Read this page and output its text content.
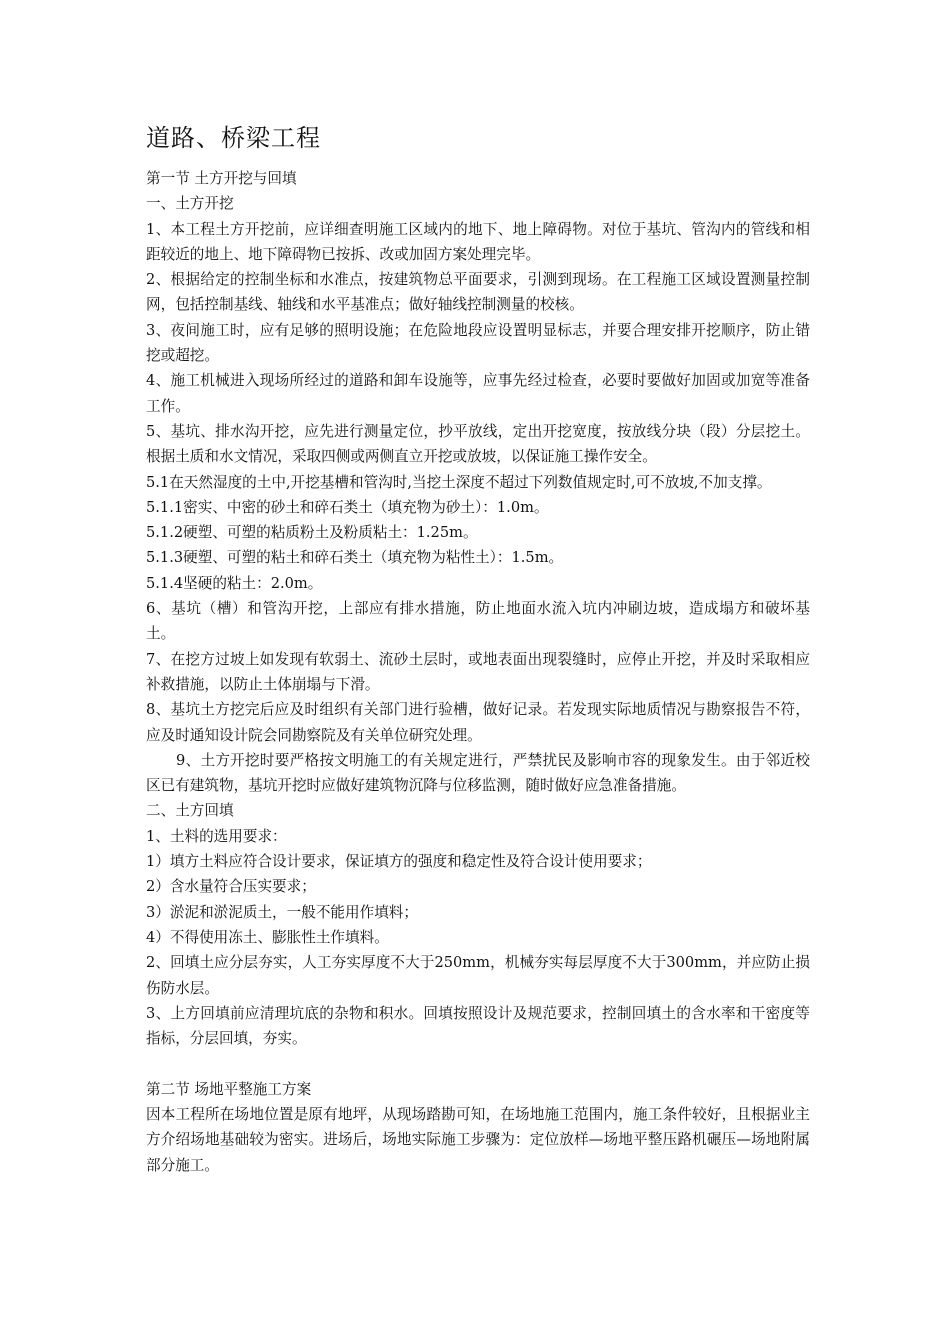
道路、桥梁工程

第一节 土方开挖与回填

一、土方开挖

1、本工程土方开挖前，应详细查明施工区域内的地下、地上障碍物。对位于基坑、管沟内的管线和相距较近的地上、地下障碍物已按拆、改或加固方案处理完毕。

2、根据给定的控制坐标和水准点，按建筑物总平面要求，引测到现场。在工程施工区域设置测量控制网，包括控制基线、轴线和水平基准点；做好轴线控制测量的校核。

3、夜间施工时，应有足够的照明设施；在危险地段应设置明显标志，并要合理安排开挖顺序，防止错挖或超挖。

4、施工机械进入现场所经过的道路和卸车设施等，应事先经过检查，必要时要做好加固或加宽等准备工作。

5、基坑、排水沟开挖，应先进行测量定位，抄平放线，定出开挖宽度，按放线分块（段）分层挖土。根据土质和水文情况，采取四侧或两侧直立开挖或放坡，以保证施工操作安全。

5.1在天然湿度的土中,开挖基槽和管沟时,当挖土深度不超过下列数值规定时,可不放坡,不加支撑。

5.1.1密实、中密的砂土和碎石类土（填充物为砂土）：1.0m。

5.1.2硬塑、可塑的粘质粉土及粉质粘土：1.25m。

5.1.3硬塑、可塑的粘土和碎石类土（填充物为粘性土）：1.5m。

5.1.4坚硬的粘土：2.0m。

6、基坑（槽）和管沟开挖，上部应有排水措施，防止地面水流入坑内冲刷边坡，造成塌方和破坏基土。

7、在挖方过坡上如发现有软弱土、流砂土层时，或地表面出现裂缝时，应停止开挖，并及时采取相应补救措施，以防止土体崩塌与下滑。

8、基坑土方挖完后应及时组织有关部门进行验槽，做好记录。若发现实际地质情况与勘察报告不符，应及时通知设计院会同勘察院及有关单位研究处理。

9、土方开挖时要严格按文明施工的有关规定进行，严禁扰民及影响市容的现象发生。由于邻近校区已有建筑物，基坑开挖时应做好建筑物沉降与位移监测，随时做好应急准备措施。

二、土方回填

1、土料的选用要求：

1）填方土料应符合设计要求，保证填方的强度和稳定性及符合设计使用要求；

2）含水量符合压实要求；

3）淤泥和淤泥质土，一般不能用作填料；

4）不得使用冻土、膨胀性土作填料。

2、回填土应分层夯实，人工夯实厚度不大于250mm，机械夯实每层厚度不大于300mm，并应防止损伤防水层。

3、上方回填前应清理坑底的杂物和积水。回填按照设计及规范要求，控制回填土的含水率和干密度等指标，分层回填，夯实。

第二节 场地平整施工方案

因本工程所在场地位置是原有地坪，从现场踏勘可知，在场地施工范围内，施工条件较好，且根据业主方介绍场地基础较为密实。进场后，场地实际施工步骤为：定位放样—场地平整压路机碾压—场地附属部分施工。
